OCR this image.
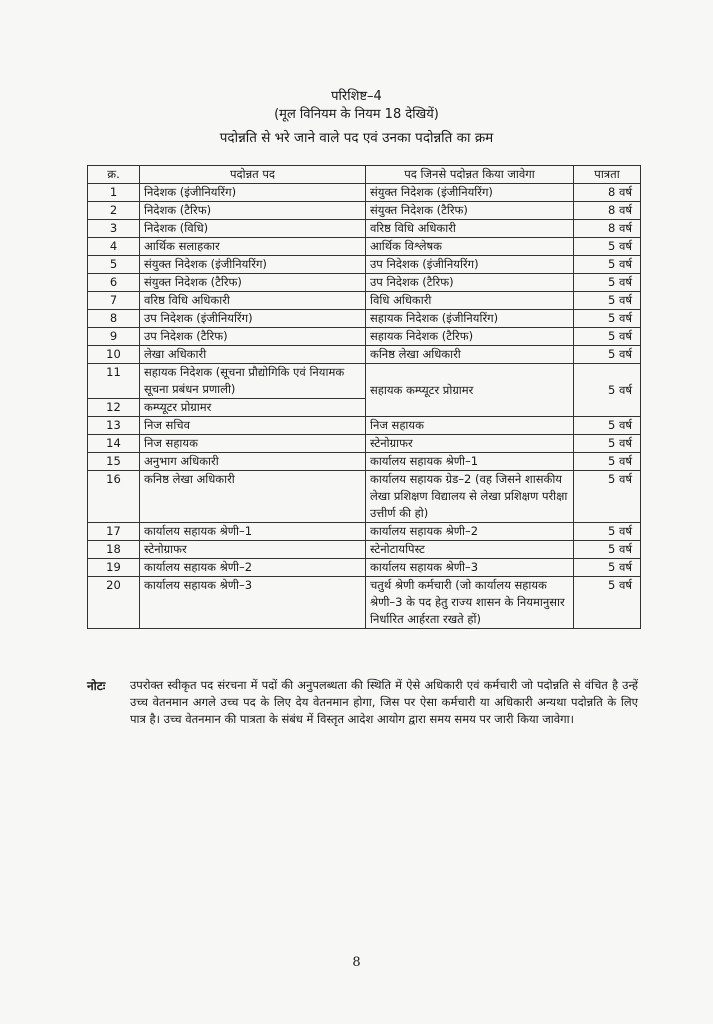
परिशिष्ट–4
(मूल विनियम के नियम 18 देखियें)
पदोन्नति से भरे जाने वाले पद एवं उनका पदोन्नति का क्रम
क्र.	पदोन्नत पद	पद जिनसे पदोन्नत किया जावेगा	पात्रता
1	निदेशक (इंजीनियरिंग)	संयुक्त निदेशक (इंजीनियरिंग)	8 वर्ष
2	निदेशक (टैरिफ)	संयुक्त निदेशक (टैरिफ)	8 वर्ष
3	निदेशक (विधि)	वरिष्ठ विधि अधिकारी	8 वर्ष
4	आर्थिक सलाहकार	आर्थिक विश्लेषक	5 वर्ष
5	संयुक्त निदेशक (इंजीनियरिंग)	उप निदेशक (इंजीनियरिंग)	5 वर्ष
6	संयुक्त निदेशक (टैरिफ)	उप निदेशक (टैरिफ)	5 वर्ष
7	वरिष्ठ विधि अधिकारी	विधि अधिकारी	5 वर्ष
8	उप निदेशक (इंजीनियरिंग)	सहायक निदेशक (इंजीनियरिंग)	5 वर्ष
9	उप निदेशक (टैरिफ)	सहायक निदेशक (टैरिफ)	5 वर्ष
10	लेखा अधिकारी	कनिष्ठ लेखा अधिकारी	5 वर्ष
11	सहायक निदेशक (सूचना प्रौद्योगिकि एवं नियामक सूचना प्रबंधन प्रणाली)	सहायक कम्प्यूटर प्रोग्रामर	5 वर्ष
12	कम्प्यूटर प्रोग्रामर		
13	निज सचिव	निज सहायक	5 वर्ष
14	निज सहायक	स्टेनोग्राफर	5 वर्ष
15	अनुभाग अधिकारी	कार्यालय सहायक श्रेणी–1	5 वर्ष
16	कनिष्ठ लेखा अधिकारी	कार्यालय सहायक ग्रेड–2 (वह जिसने शासकीय लेखा प्रशिक्षण विद्यालय से लेखा प्रशिक्षण परीक्षा उत्तीर्ण की हो)	5 वर्ष
17	कार्यालय सहायक श्रेणी–1	कार्यालय सहायक श्रेणी–2	5 वर्ष
18	स्टेनोग्राफर	स्टेनोटायपिस्ट	5 वर्ष
19	कार्यालय सहायक श्रेणी–2	कार्यालय सहायक श्रेणी–3	5 वर्ष
20	कार्यालय सहायक श्रेणी–3	चतुर्थ श्रेणी कर्मचारी (जो कार्यालय सहायक श्रेणी–3 के पद हेतु राज्य शासन के नियमानुसार निर्धारित आर्हरता रखते हों)	5 वर्ष
नोटः उपरोक्त स्वीकृत पद संरचना में पदों की अनुपलब्धता की स्थिति में ऐसे अधिकारी एवं कर्मचारी जो पदोन्नति से वंचित है उन्हें उच्च वेतनमान अगले उच्च पद के लिए देय वेतनमान होगा, जिस पर ऐसा कर्मचारी या अधिकारी अन्यथा पदोन्नति के लिए पात्र है। उच्च वेतनमान की पात्रता के संबंध में विस्तृत आदेश आयोग द्वारा समय समय पर जारी किया जावेगा।
8
